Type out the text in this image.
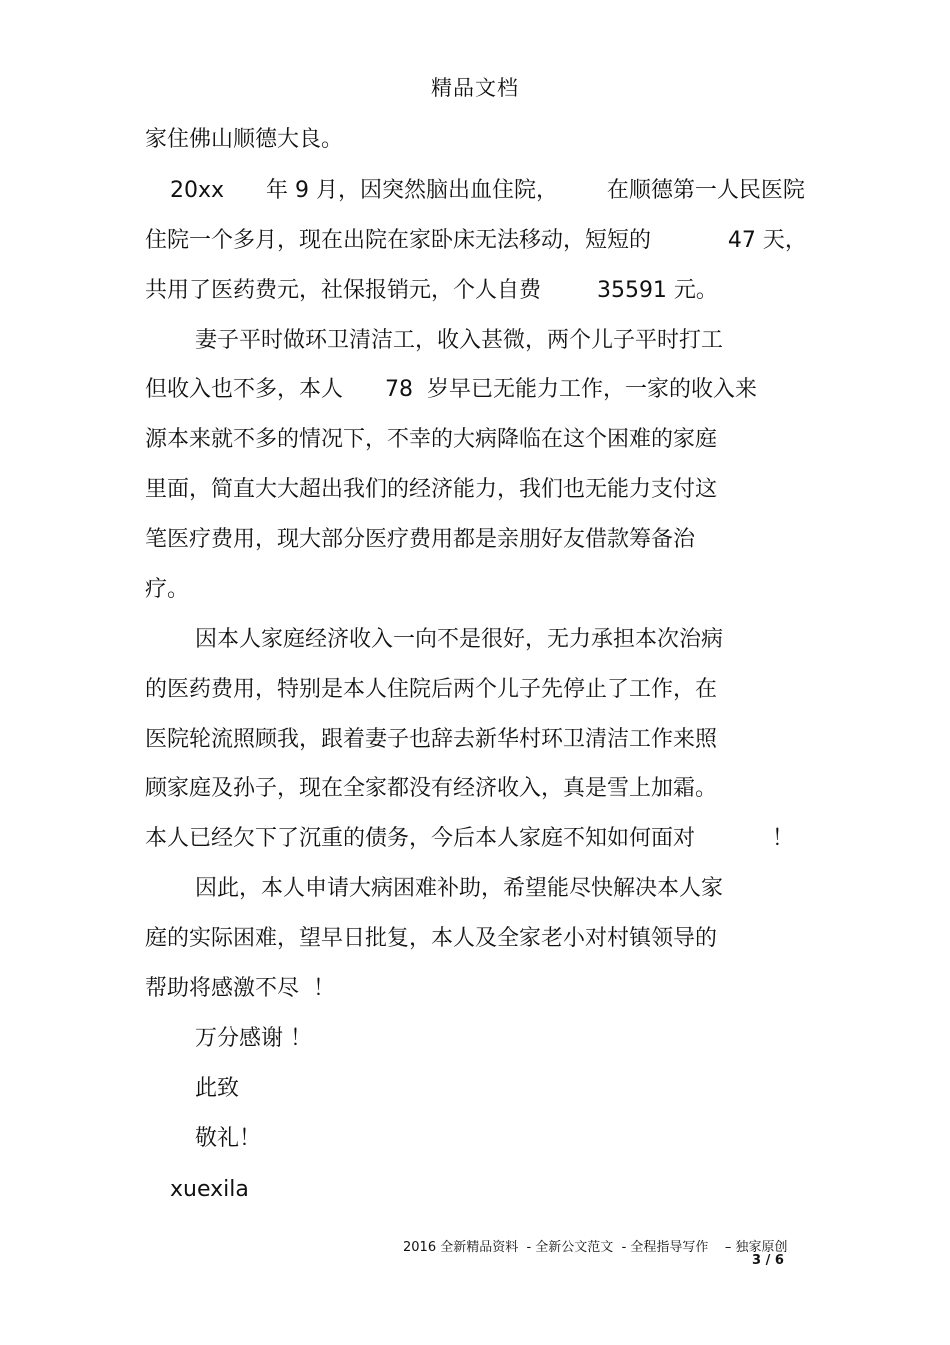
精品文档
家住佛山顺德大良。
20xx      年 9 月，因突然脑出血住院，       在顺德第一人民医院
住院一个多月，现在出院在家卧床无法移动，短短的           47 天，
共用了医药费元，社保报销元，个人自费        35591 元。
妻子平时做环卫清洁工，收入甚微，两个儿子平时打工
但收入也不多，本人      78  岁早已无能力工作，一家的收入来
源本来就不多的情况下，不幸的大病降临在这个困难的家庭
里面，简直大大超出我们的经济能力，我们也无能力支付这
笔医疗费用，现大部分医疗费用都是亲朋好友借款筹备治
疗。
因本人家庭经济收入一向不是很好，无力承担本次治病
的医药费用，特别是本人住院后两个儿子先停止了工作，在
医院轮流照顾我，跟着妻子也辞去新华村环卫清洁工作来照
顾家庭及孙子，现在全家都没有经济收入，真是雪上加霜。
本人已经欠下了沉重的债务，今后本人家庭不知如何面对           ！
因此，本人申请大病困难补助，希望能尽快解决本人家
庭的实际困难，望早日批复，本人及全家老小对村镇领导的
帮助将感激不尽  ！
万分感谢 ！
此致
敬礼！
xuexila
2016 全新精品资料  - 全新公文范文  - 全程指导写作    – 独家原创
3 / 6
